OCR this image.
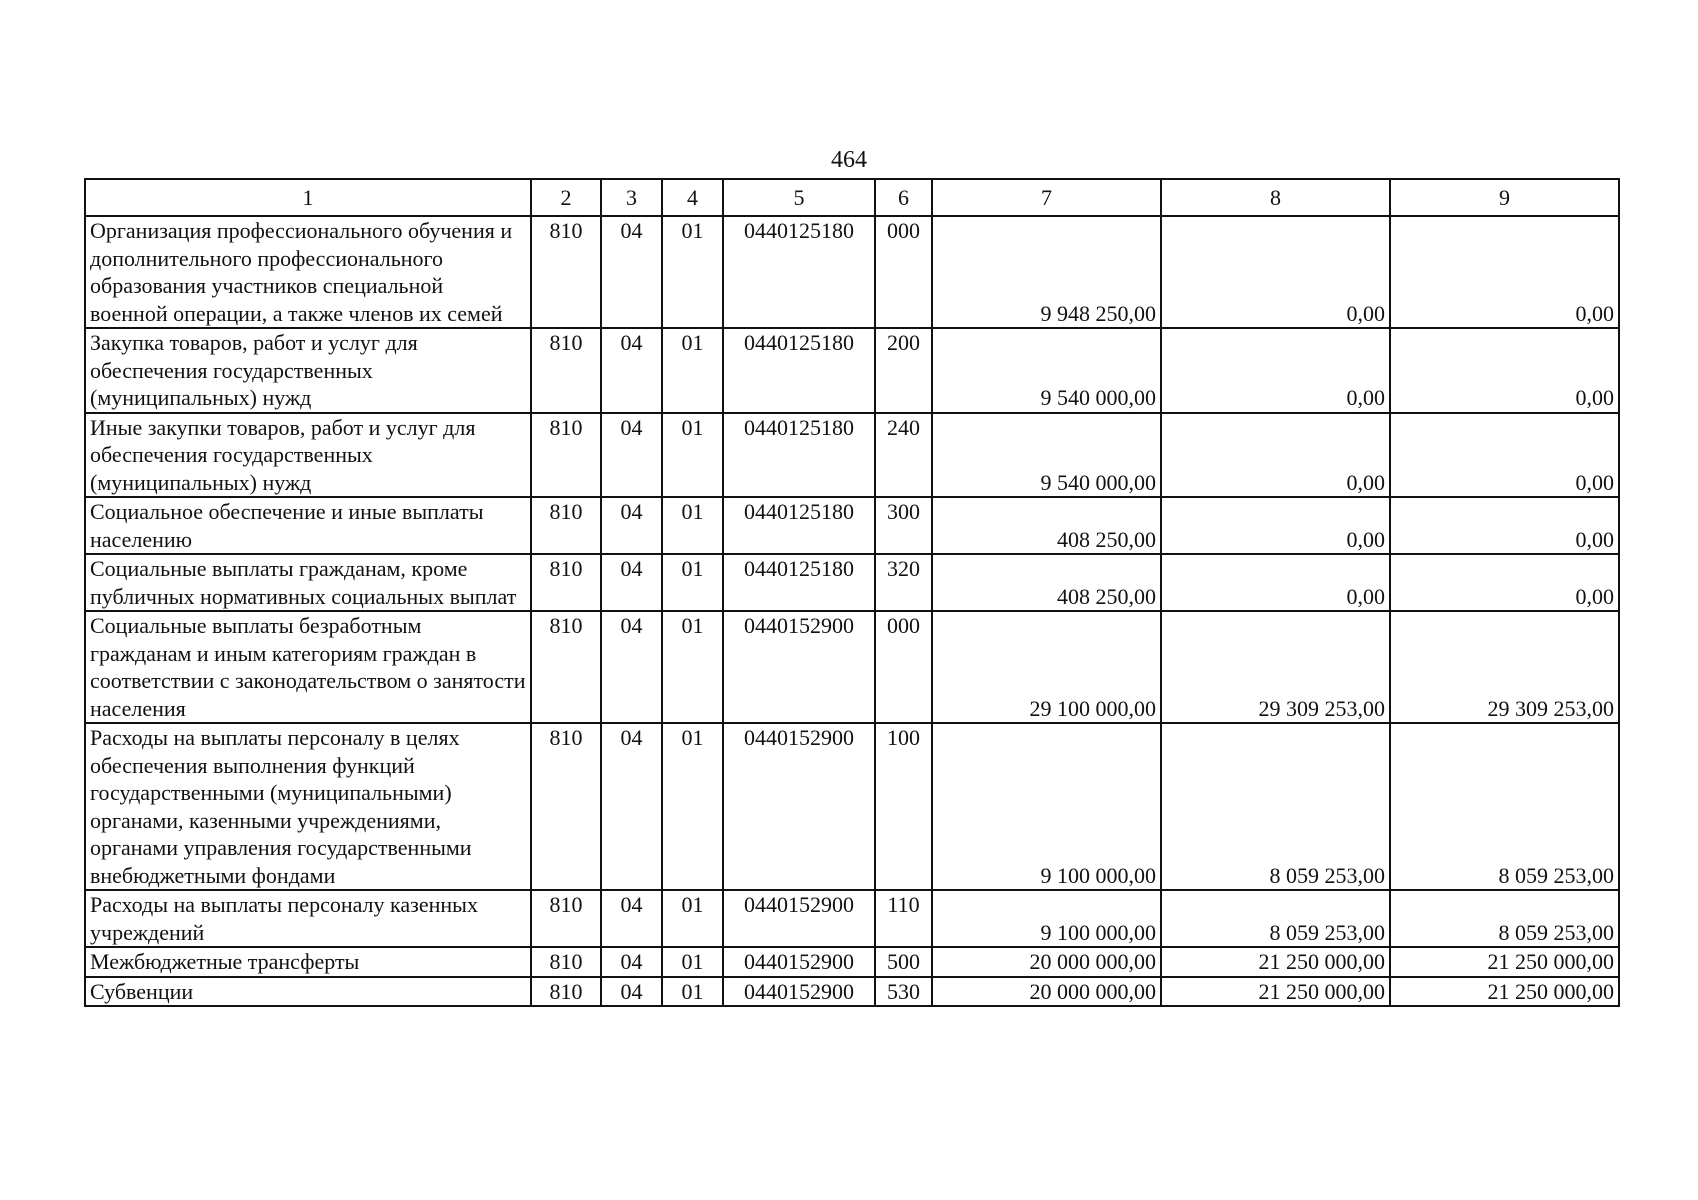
464
1	2	3	4	5	6	7	8	9
Организация профессионального обучения и дополнительного профессионального образования участников специальной военной операции, а также членов их семей	810	04	01	0440125180	000	9 948 250,00	0,00	0,00
Закупка товаров, работ и услуг для обеспечения государственных (муниципальных) нужд	810	04	01	0440125180	200	9 540 000,00	0,00	0,00
Иные закупки товаров, работ и услуг для обеспечения государственных (муниципальных) нужд	810	04	01	0440125180	240	9 540 000,00	0,00	0,00
Социальное обеспечение и иные выплаты населению	810	04	01	0440125180	300	408 250,00	0,00	0,00
Социальные выплаты гражданам, кроме публичных нормативных социальных выплат	810	04	01	0440125180	320	408 250,00	0,00	0,00
Социальные выплаты безработным гражданам и иным категориям граждан в соответствии с законодательством о занятости населения	810	04	01	0440152900	000	29 100 000,00	29 309 253,00	29 309 253,00
Расходы на выплаты персоналу в целях обеспечения выполнения функций государственными (муниципальными) органами, казенными учреждениями, органами управления государственными внебюджетными фондами	810	04	01	0440152900	100	9 100 000,00	8 059 253,00	8 059 253,00
Расходы на выплаты персоналу казенных учреждений	810	04	01	0440152900	110	9 100 000,00	8 059 253,00	8 059 253,00
Межбюджетные трансферты	810	04	01	0440152900	500	20 000 000,00	21 250 000,00	21 250 000,00
Субвенции	810	04	01	0440152900	530	20 000 000,00	21 250 000,00	21 250 000,00
